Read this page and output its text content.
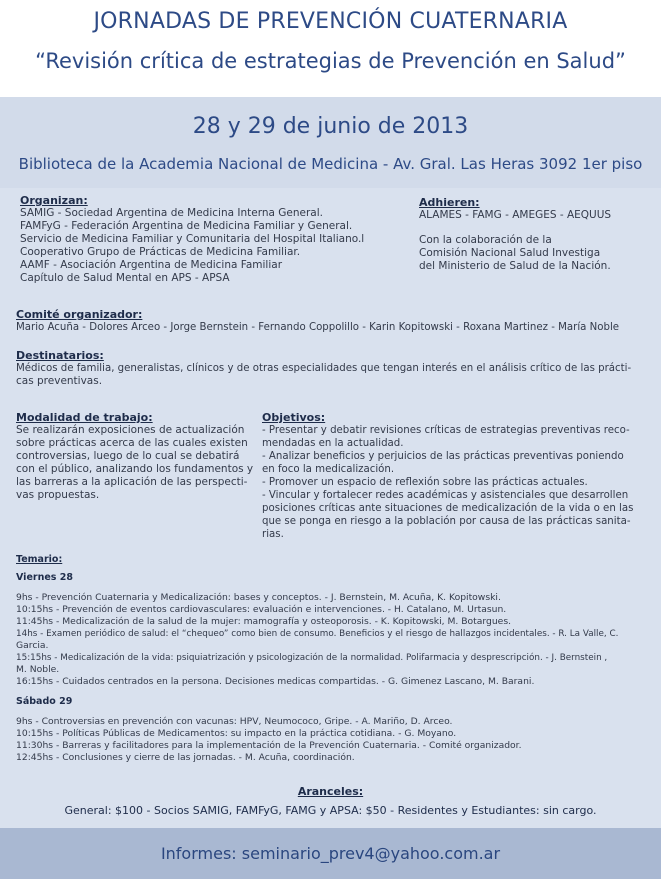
JORNADAS DE PREVENCIÓN CUATERNARIA
“Revisión crítica de estrategias de Prevención en Salud”
28 y 29 de junio de 2013
Biblioteca de la Academia Nacional de Medicina - Av. Gral. Las Heras 3092 1er piso
Organizan:
SAMIG - Sociedad Argentina de Medicina Interna General.
FAMFyG - Federación Argentina de Medicina Familiar y General.
Servicio de Medicina Familiar y Comunitaria del Hospital Italiano.l
Cooperativo Grupo de Prácticas de Medicina Familiar.
AAMF - Asociación Argentina de Medicina Familiar
Capítulo de Salud Mental en APS - APSA
Adhieren:
ALAMES - FAMG - AMEGES - AEQUUS
Con la colaboración de la
Comisión Nacional Salud Investiga
del Ministerio de Salud de la Nación.
Comité organizador:
Mario Acuña - Dolores Arceo - Jorge Bernstein - Fernando Coppolillo - Karin Kopitowski - Roxana Martinez - María Noble
Destinatarios:
Médicos de familia, generalistas, clínicos y de otras especialidades que tengan interés en el análisis crítico de las prácti-
cas preventivas.
Modalidad de trabajo:
Se realizarán exposiciones de actualización
sobre prácticas acerca de las cuales existen
controversias, luego de lo cual se debatirá
con el público, analizando los fundamentos y
las barreras a la aplicación de las perspecti-
vas propuestas.
Objetivos:
- Presentar y debatir revisiones críticas de estrategias preventivas reco-
mendadas en la actualidad.
- Analizar beneficios y perjuicios de las prácticas preventivas poniendo
en foco la medicalización.
- Promover un espacio de reflexión sobre las prácticas actuales.
- Vincular y fortalecer redes académicas y asistenciales que desarrollen
posiciones críticas ante situaciones de medicalización de la vida o en las
que se ponga en riesgo a la población por causa de las prácticas sanita-
rias.
Temario:
Viernes 28
9hs - Prevención Cuaternaria y Medicalización: bases y conceptos. - J. Bernstein, M. Acuña, K. Kopitowski.
10:15hs - Prevención de eventos cardiovasculares: evaluación e intervenciones. - H. Catalano, M. Urtasun.
11:45hs - Medicalización de la salud de la mujer: mamografía y osteoporosis. - K. Kopitowski, M. Botargues.
14hs - Examen periódico de salud: el “chequeo” como bien de consumo. Beneficios y el riesgo de hallazgos incidentales. - R. La Valle, C.
Garcia.
15:15hs - Medicalización de la vida: psiquiatrización y psicologización de la normalidad. Polifarmacia y desprescripción. - J. Bernstein ,
M. Noble.
16:15hs - Cuidados centrados en la persona. Decisiones medicas compartidas. - G. Gimenez Lascano, M. Barani.
Sábado 29
9hs - Controversias en prevención con vacunas: HPV, Neumococo, Gripe. - A. Mariño, D. Arceo.
10:15hs - Políticas Públicas de Medicamentos: su impacto en la práctica cotidiana. - G. Moyano.
11:30hs - Barreras y facilitadores para la implementación de la Prevención Cuaternaria. - Comité organizador.
12:45hs - Conclusiones y cierre de las jornadas. - M. Acuña, coordinación.
Aranceles:
General: $100 - Socios SAMIG, FAMFyG, FAMG y APSA: $50 - Residentes y Estudiantes: sin cargo.
Informes: seminario_prev4@yahoo.com.ar
